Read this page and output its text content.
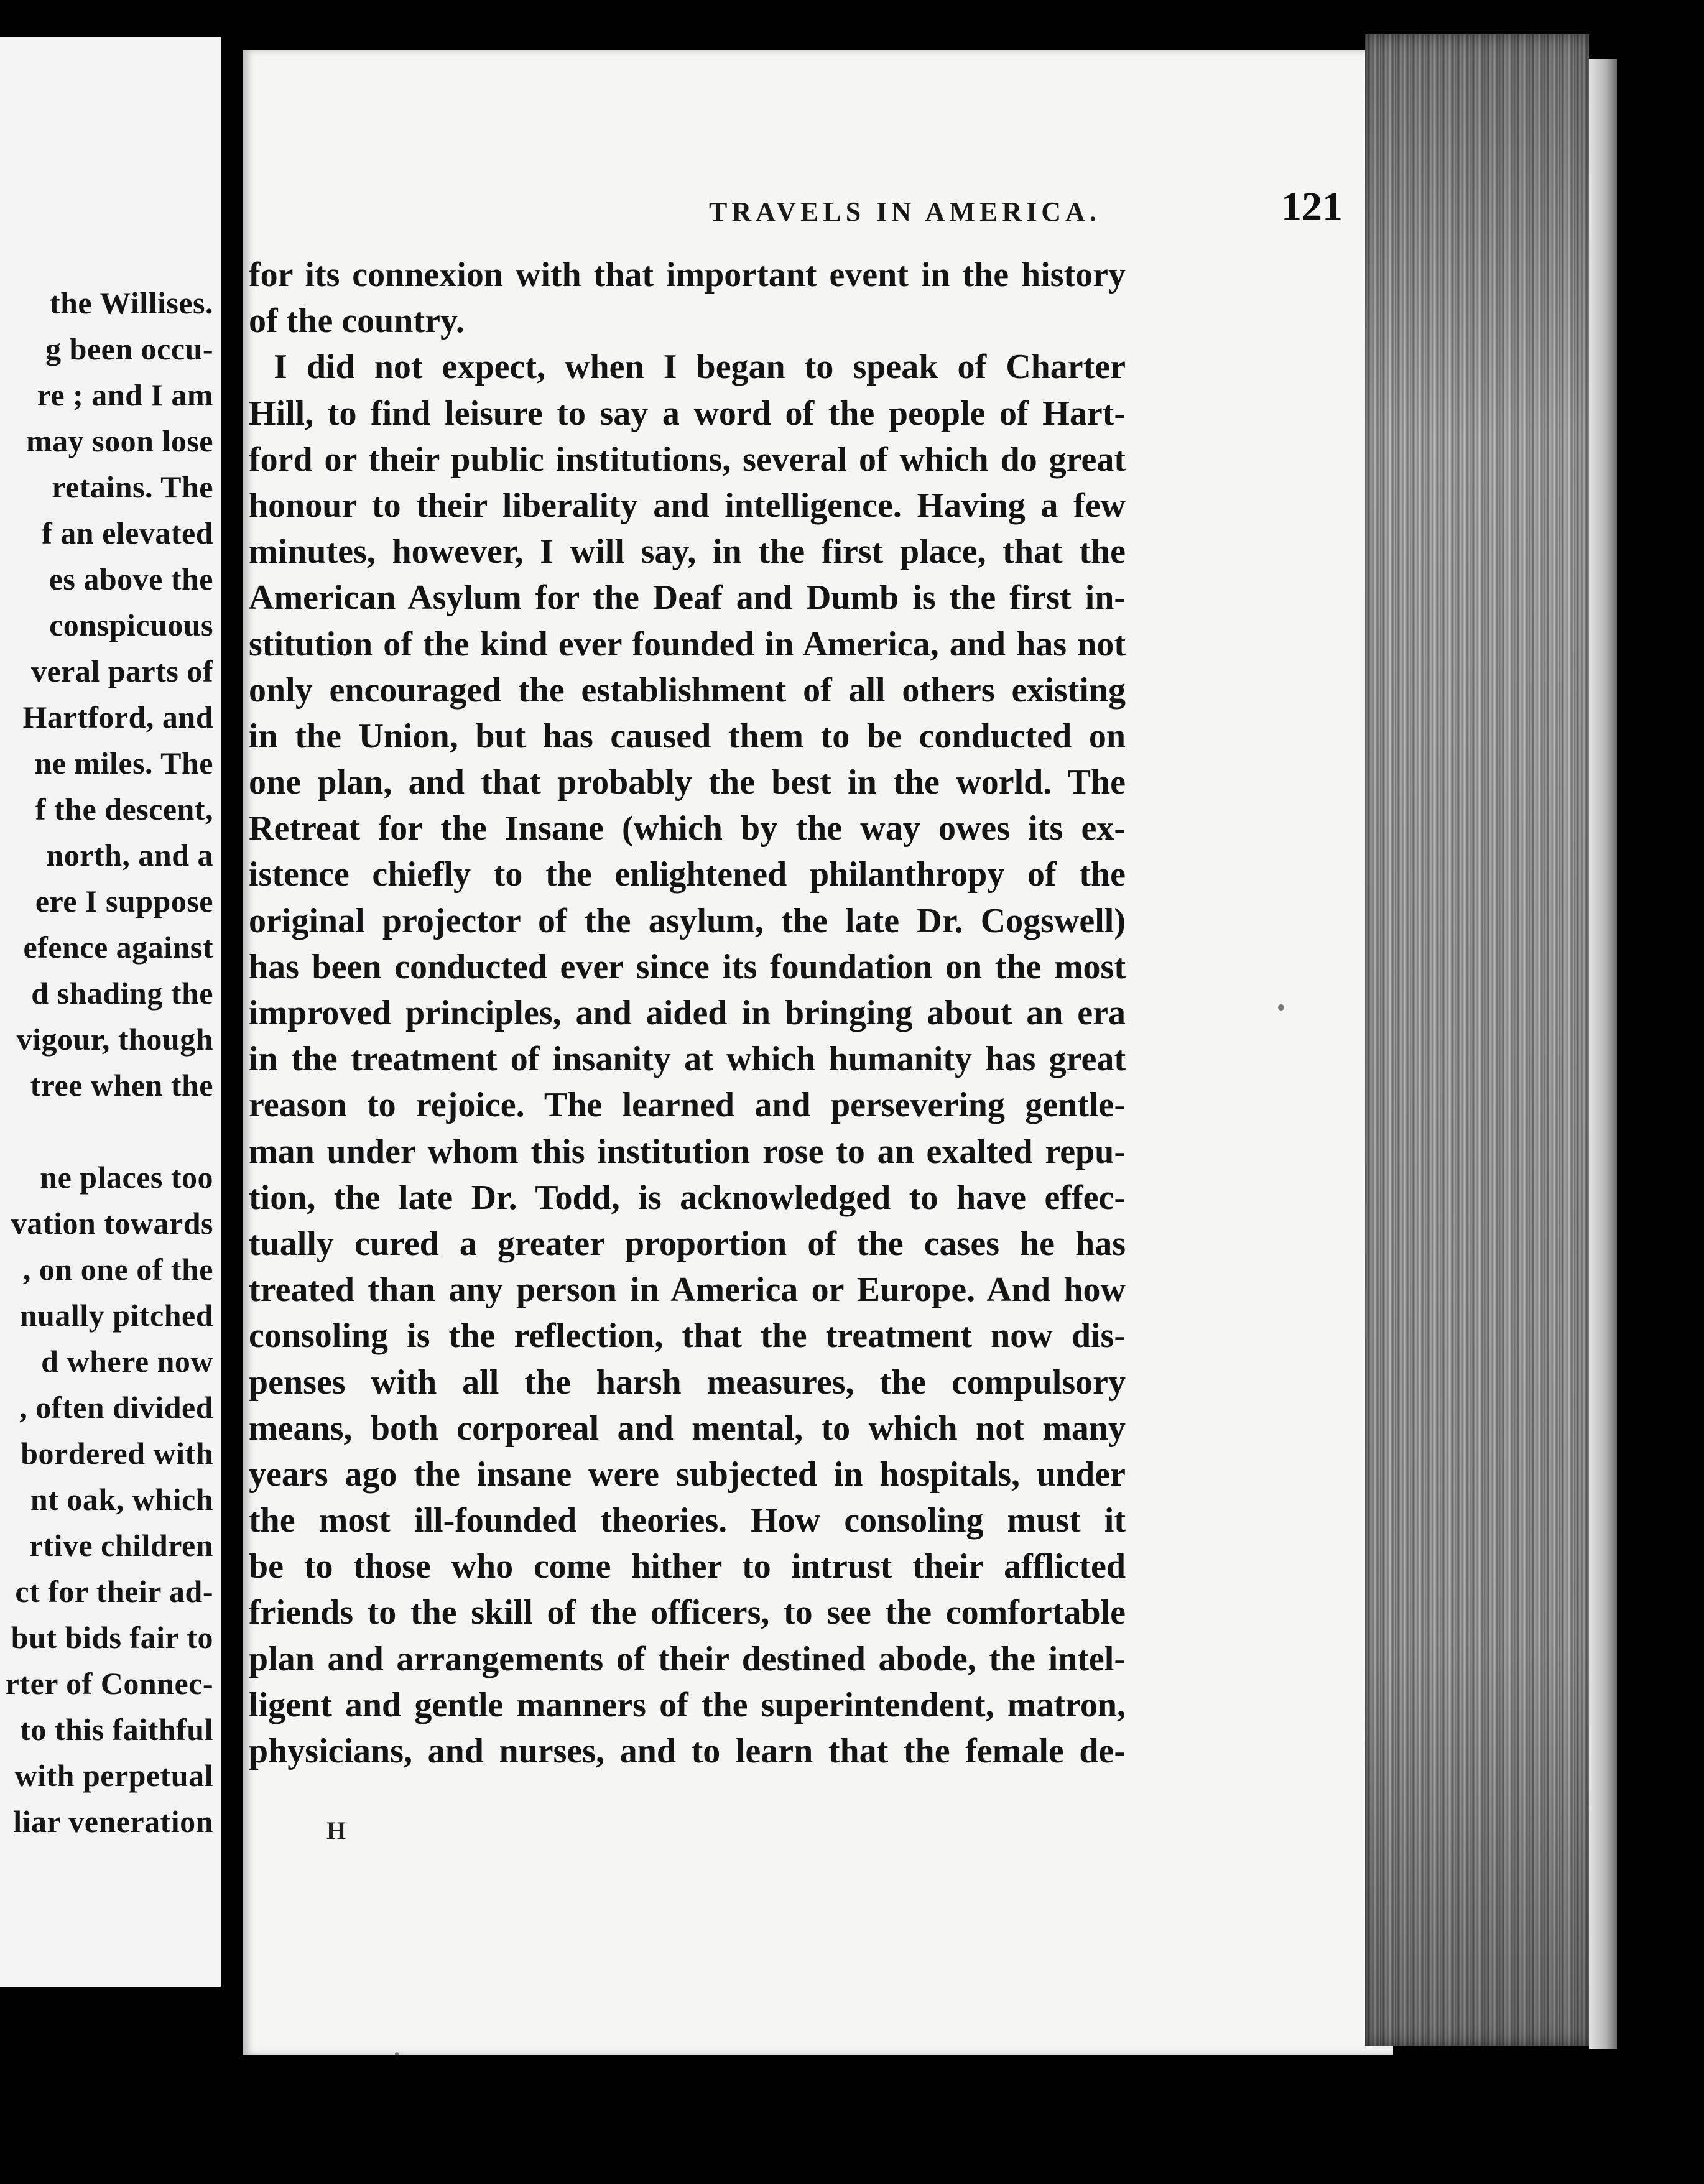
the Willises.
g been occu-
re ; and I am
may soon lose
retains. The
f an elevated
es above the
conspicuous
veral parts of
Hartford, and
ne miles. The
f the descent,
north, and a
ere I suppose
efence against
d shading the
vigour, though
tree when the
ne places too
vation towards
, on one of the
nually pitched
d where now
, often divided
bordered with
nt oak, which
rtive children
ct for their ad-
but bids fair to
rter of Connec-
to this faithful
with perpetual
liar veneration
TRAVELS IN AMERICA.	121
for its connexion with that important event in the history
of the country.
I did not expect, when I began to speak of Charter
Hill, to find leisure to say a word of the people of Hart-
ford or their public institutions, several of which do great
honour to their liberality and intelligence. Having a few
minutes, however, I will say, in the first place, that the
American Asylum for the Deaf and Dumb is the first in-
stitution of the kind ever founded in America, and has not
only encouraged the establishment of all others existing
in the Union, but has caused them to be conducted on
one plan, and that probably the best in the world. The
Retreat for the Insane (which by the way owes its ex-
istence chiefly to the enlightened philanthropy of the
original projector of the asylum, the late Dr. Cogswell)
has been conducted ever since its foundation on the most
improved principles, and aided in bringing about an era
in the treatment of insanity at which humanity has great
reason to rejoice. The learned and persevering gentle-
man under whom this institution rose to an exalted repu-
tion, the late Dr. Todd, is acknowledged to have effec-
tually cured a greater proportion of the cases he has
treated than any person in America or Europe. And how
consoling is the reflection, that the treatment now dis-
penses with all the harsh measures, the compulsory
means, both corporeal and mental, to which not many
years ago the insane were subjected in hospitals, under
the most ill-founded theories. How consoling must it
be to those who come hither to intrust their afflicted
friends to the skill of the officers, to see the comfortable
plan and arrangements of their destined abode, the intel-
ligent and gentle manners of the superintendent, matron,
physicians, and nurses, and to learn that the female de-
H
